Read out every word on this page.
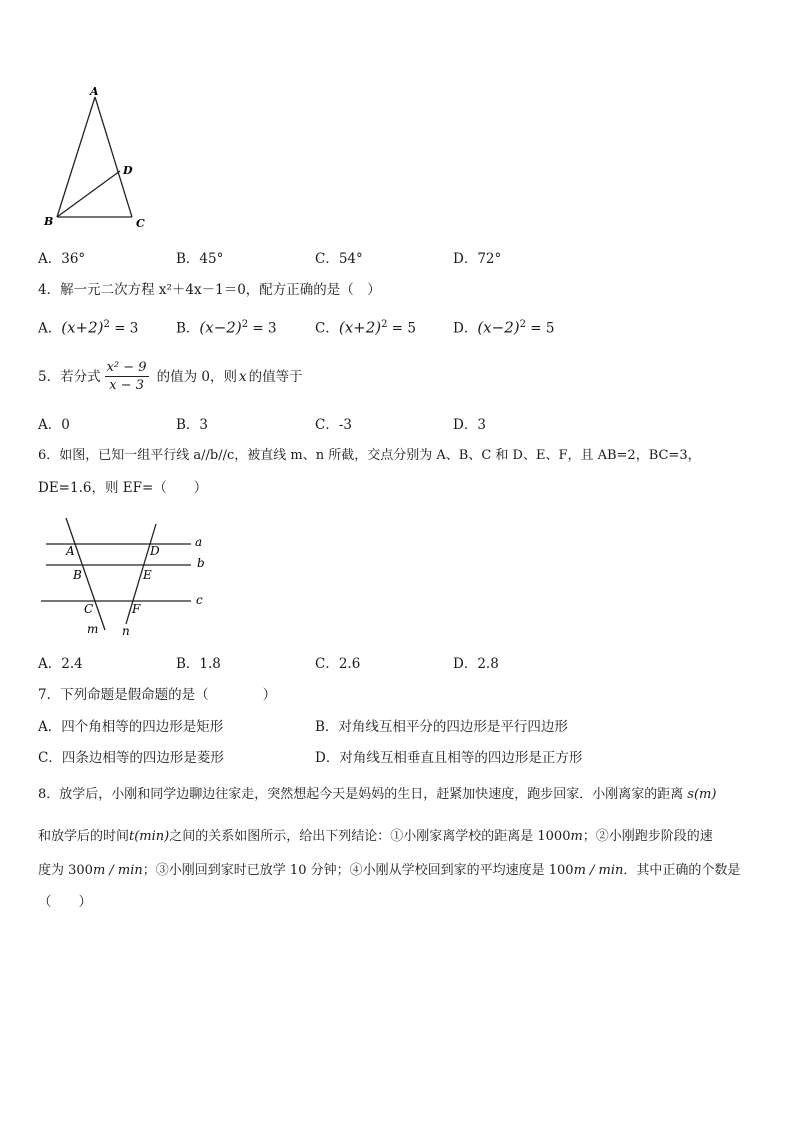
A
B	C
D
A．36°	B．45°	C．54°	D．72°
4．解一元二次方程 x²＋4x－1＝0，配方正确的是（　）
A．$(x+2)^2 = 3$	B．$(x-2)^2 = 3$	C．$(x+2)^2 = 5$	D．$(x-2)^2 = 5$
5．若分式 $\frac{\text{x² − 9}}{x - 3}$ 的值为 0，则 x 的值等于
A．0	B．3	C．-3	D．3
6．如图，已知一组平行线 a//b//c，被直线 m、n 所截，交点分别为 A、B、C 和 D、E、F，且 AB=2，BC=3，
DE=1.6，则 EF=（　　）
A	D
a
B	E
b
C	F
c
m n
A．2.4	B．1.8	C．2.6	D．2.8
7．下列命题是假命题的是（　　　　）
A．四个角相等的四边形是矩形	B．对角线互相平分的四边形是平行四边形
C．四条边相等的四边形是菱形	D．对角线互相垂直且相等的四边形是正方形
8．放学后，小刚和同学边聊边往家走，突然想起今天是妈妈的生日，赶紧加快速度，跑步回家．小刚离家的距离 s(m)
和放学后的时间t(min)之间的关系如图所示，给出下列结论：①小刚家离学校的距离是 1000m；②小刚跑步阶段的速
度为 300m / min；③小刚回到家时已放学 10 分钟；④小刚从学校回到家的平均速度是 100m / min．其中正确的个数是
（　　）
